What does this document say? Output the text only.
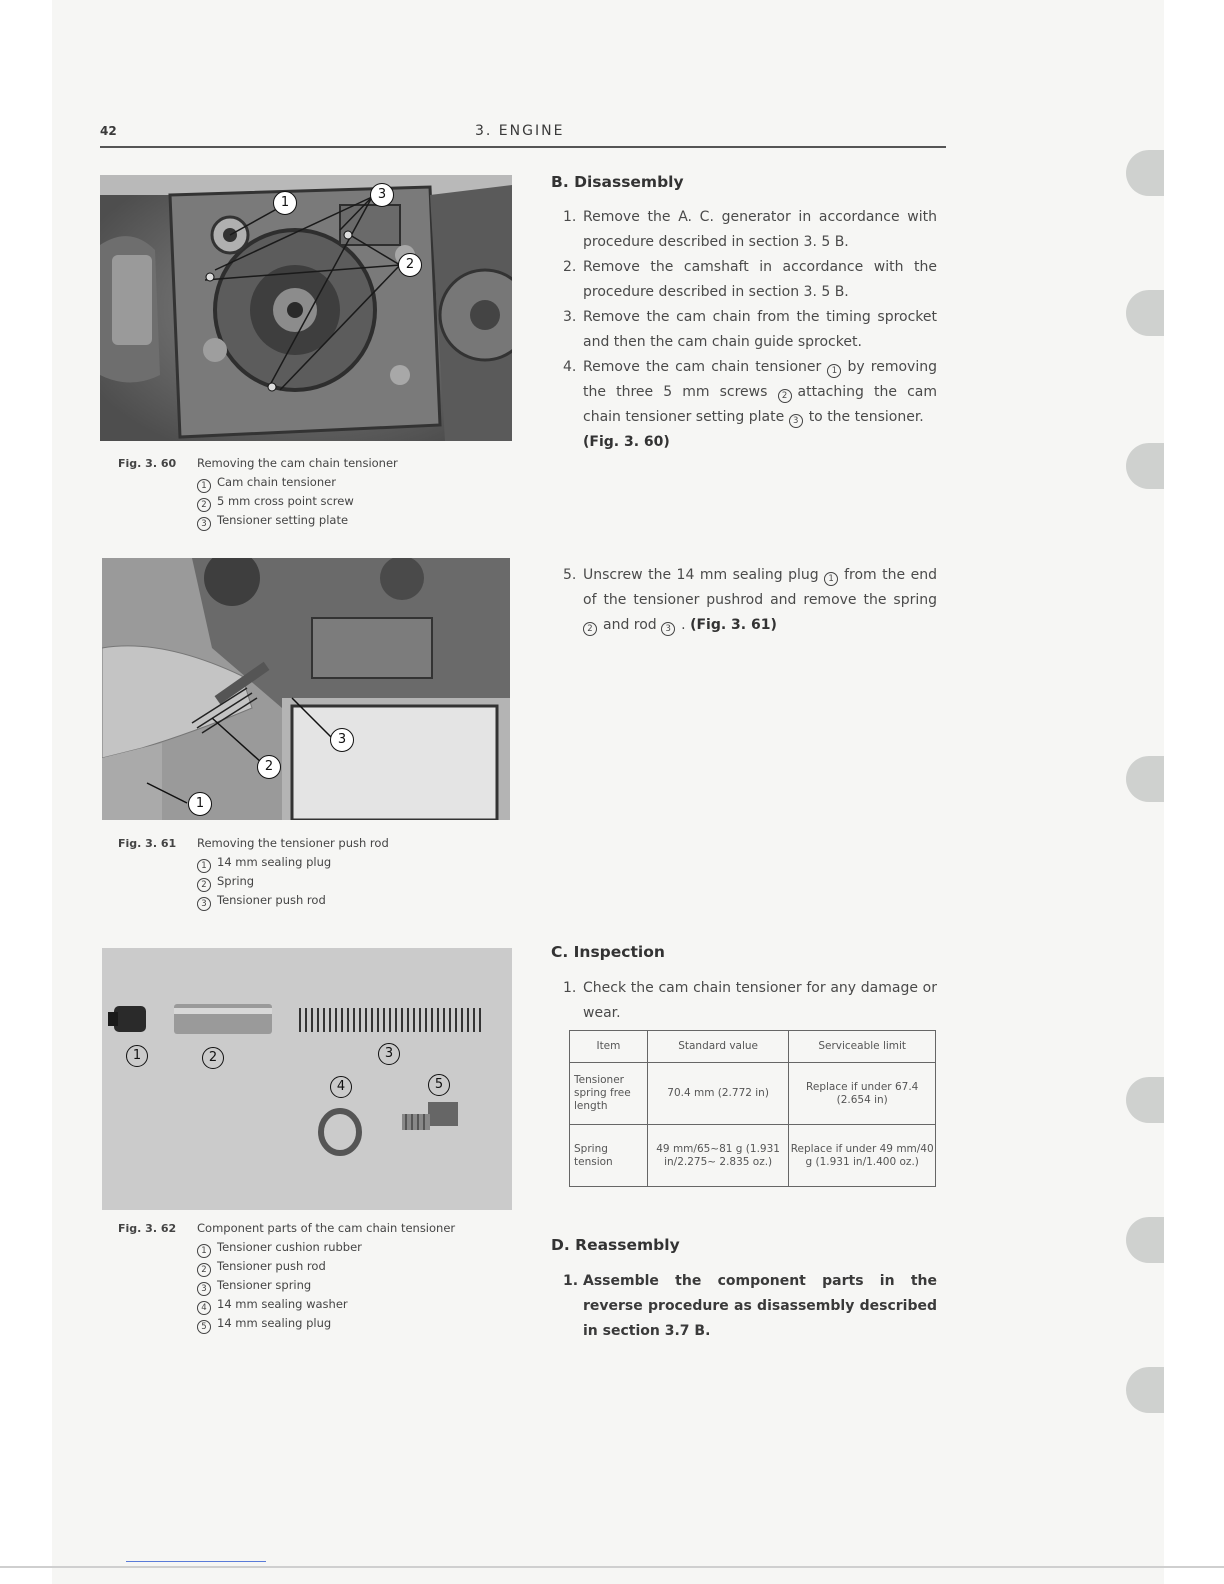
42	3. ENGINE
1
3
2
Fig. 3. 60 Removing the cam chain tensioner
1 Cam chain tensioner
2 5 mm cross point screw
3 Tensioner setting plate
3
2
1
Fig. 3. 61 Removing the tensioner push rod
1 14 mm sealing plug
2 Spring
3 Tensioner push rod
1	2	3
4	5
Fig. 3. 62 Component parts of the cam chain tensioner
1 Tensioner cushion rubber
2 Tensioner push rod
3 Tensioner spring
4 14 mm sealing washer
5 14 mm sealing plug
B. Disassembly
1. Remove the A. C. generator in accordance with procedure described in section 3. 5 B.
2. Remove the camshaft in accordance with the procedure described in section 3. 5 B.
3. Remove the cam chain from the timing sprocket and then the cam chain guide sprocket.
4. Remove the cam chain tensioner 1 by removing the three 5 mm screws 2 attaching the cam chain tensioner setting plate 3 to the tensioner.
(Fig. 3. 60)
5. Unscrew the 14 mm sealing plug 1 from the end of the tensioner pushrod and remove the spring 2 and rod 3 . (Fig. 3. 61)
C. Inspection
1. Check the cam chain tensioner for any damage or wear.
Item	Standard value	Serviceable limit
Tensioner spring free length	70.4 mm (2.772 in)	Replace if under 67.4 (2.654 in)
Spring tension	49 mm/65~81 g (1.931 in/2.275~ 2.835 oz.)	Replace if under 49 mm/40 g (1.931 in/1.400 oz.)
D. Reassembly
1. Assemble the component parts in the reverse procedure as disassembly described in section 3.7 B.
